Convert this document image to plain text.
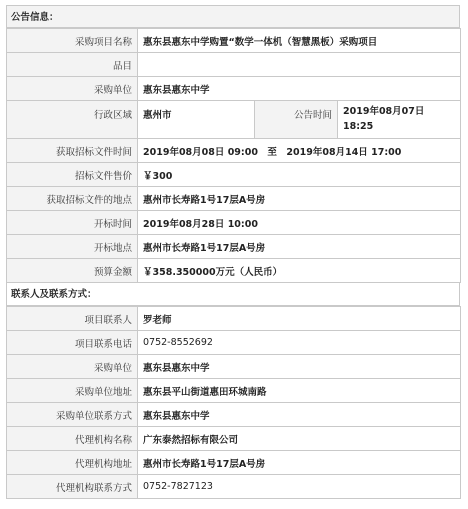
公告信息：
采购项目名称	惠东县惠东中学购置“数学一体机（智慧黑板）采购项目		
品目			
采购单位	惠东县惠东中学		
行政区域	惠州市	公告时间	2019年08月07日
18:25

获取招标文件时间	2019年08月08日 09:00　至　2019年08月14日 17:00		
招标文件售价	￥300		
获取招标文件的地点	惠州市长寿路1号17层A号房		
开标时间	2019年08月28日 10:00		
开标地点	惠州市长寿路1号17层A号房		
预算金额	￥358.350000万元（人民币）		
联系人及联系方式：
项目联系人	罗老师
项目联系电话	0752-8552692
采购单位	惠东县惠东中学
采购单位地址	惠东县平山街道惠田环城南路
采购单位联系方式	惠东县惠东中学
代理机构名称	广东泰然招标有限公司
代理机构地址	惠州市长寿路1号17层A号房
代理机构联系方式	0752-7827123
